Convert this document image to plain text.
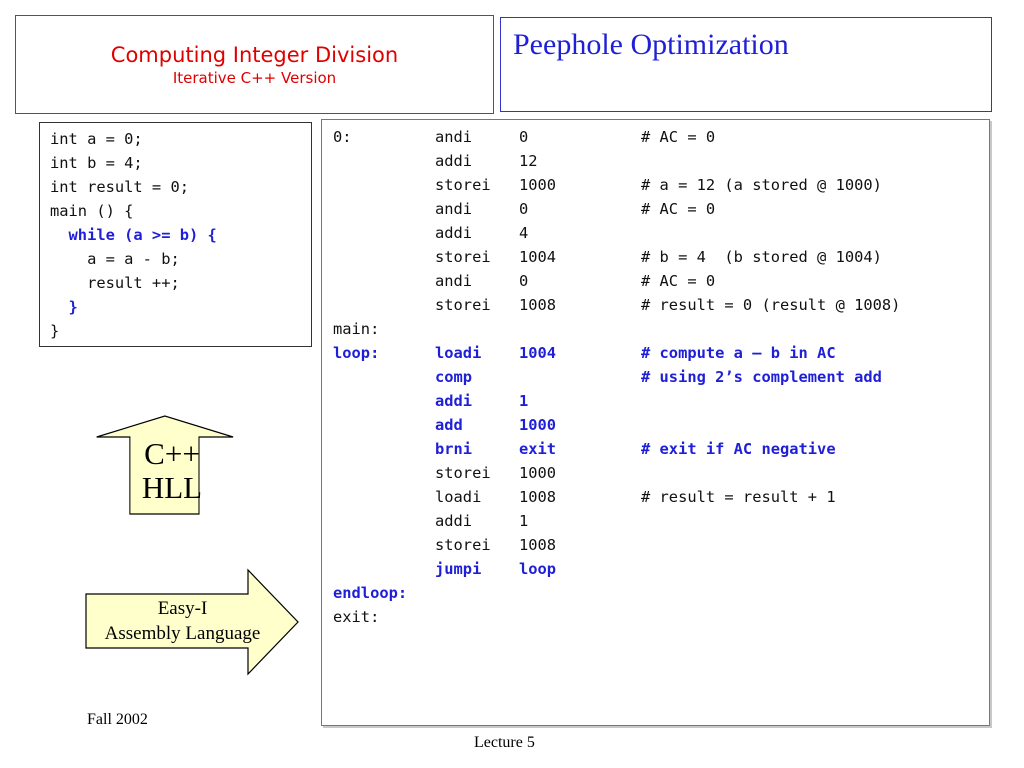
Computing Integer Division
Iterative C++ Version
Peephole Optimization
int a = 0;
int b = 4;
int result = 0;
main () {
while (a >= b) {
a = a - b;
result ++;
}
}
0:	andi	0	# AC = 0
addi	12
storei 1000	# a = 12 (a stored @ 1000)
andi	0	# AC = 0
addi	4
storei 1004	# b = 4  (b stored @ 1004)
andi	0	# AC = 0
storei 1008	# result = 0 (result @ 1008)
main:
loop:	loadi 1004	# compute a – b in AC
comp	# using 2’s complement add
addi	1
add	1000
brni	exit	# exit if AC negative
storei 1000
loadi 1008	# result = result + 1
addi	1
storei 1008
jumpi loop
endloop:
exit:
C++
HLL
Easy-I
Assembly Language
Fall 2002
Lecture 5
